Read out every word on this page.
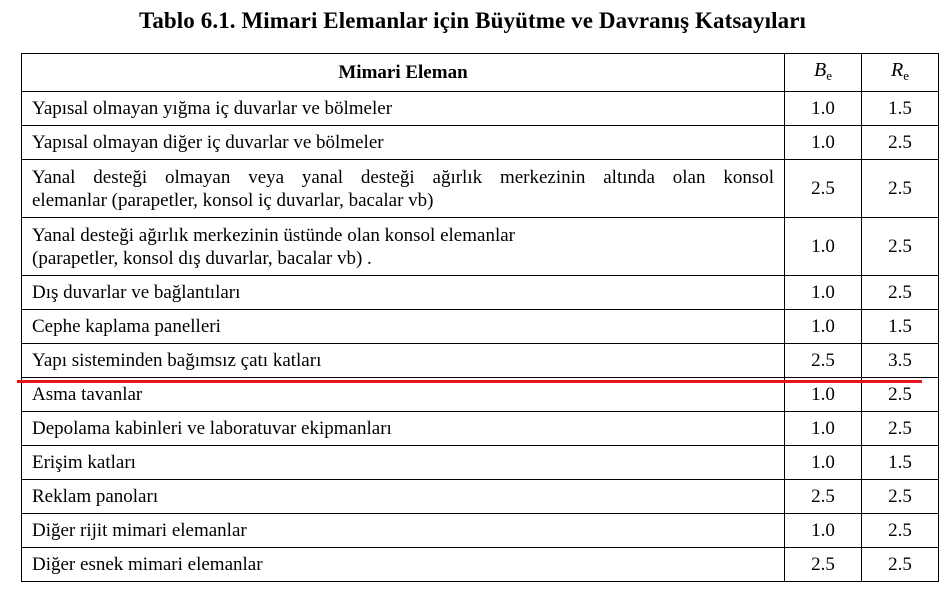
Tablo 6.1. Mimari Elemanlar için Büyütme ve Davranış Katsayıları
Mimari Eleman	$B_e$	$R_e$
Yapısal olmayan yığma iç duvarlar ve bölmeler	1.0	1.5
Yapısal olmayan diğer iç duvarlar ve bölmeler	1.0	2.5

Yanal desteği olmayan veya yanal desteği ağırlık merkezinin altında olan konsol
elemanlar (parapetler, konsol iç duvarlar, bacalar vb)	2.5	2.5

Yanal desteği ağırlık merkezinin üstünde olan konsol elemanlar
(parapetler, konsol dış duvarlar, bacalar vb) .	1.0	2.5
Dış duvarlar ve bağlantıları	1.0	2.5
Cephe kaplama panelleri	1.0	1.5
Yapı sisteminden bağımsız çatı katları	2.5	3.5
Asma tavanlar	1.0	2.5
Depolama kabinleri ve laboratuvar ekipmanları	1.0	2.5
Erişim katları	1.0	1.5
Reklam panoları	2.5	2.5
Diğer rijit mimari elemanlar	1.0	2.5
Diğer esnek mimari elemanlar	2.5	2.5
